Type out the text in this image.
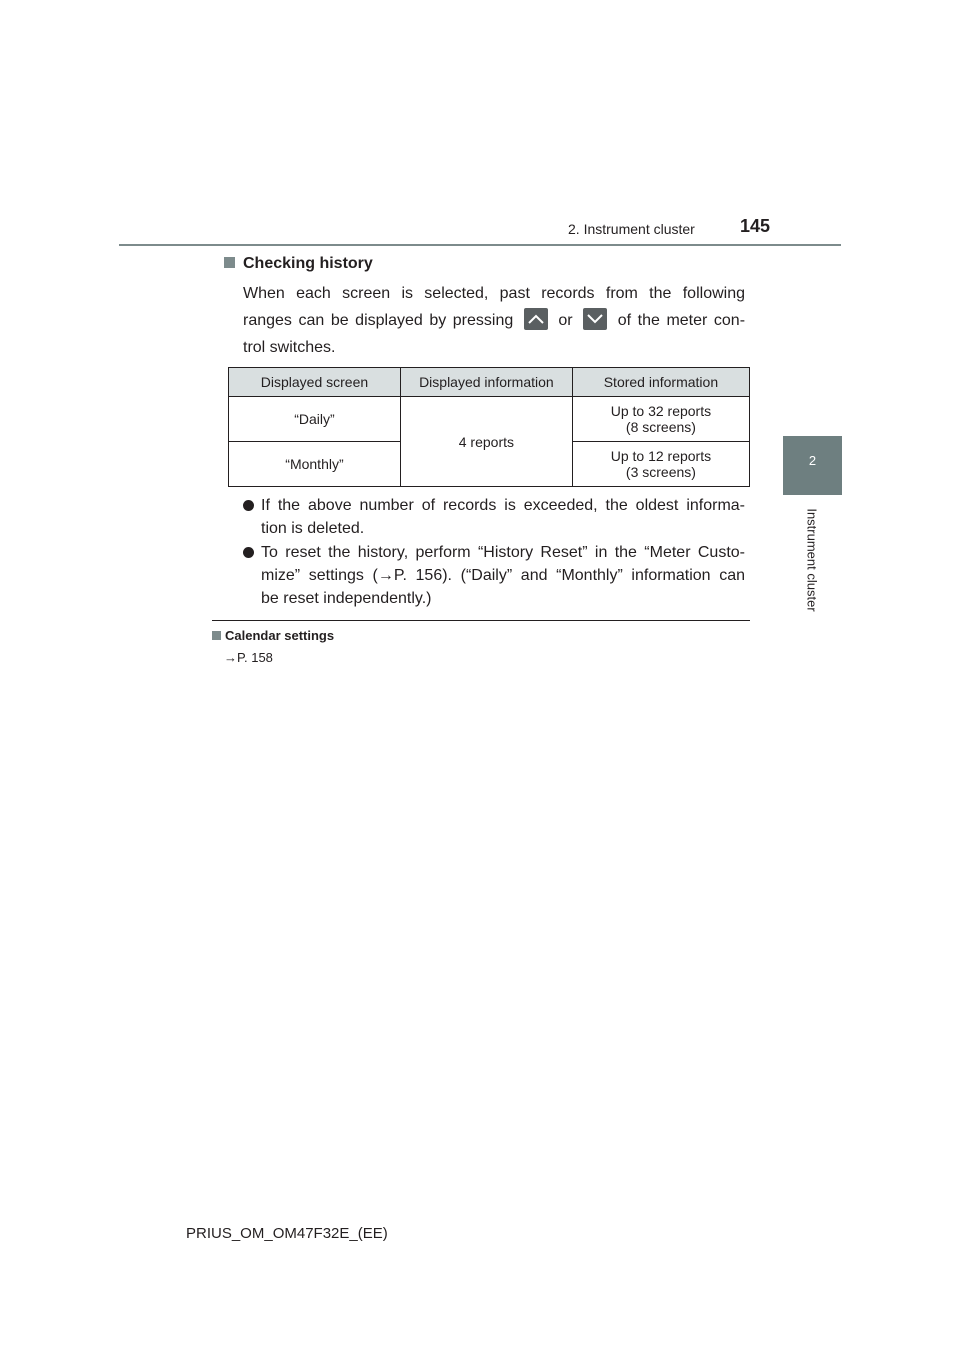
2. Instrument cluster	145
2
Instrument cluster
Checking history
When each screen is selected, past records from the following
ranges can be displayed by pressing	or	of the meter con-
trol switches.
Displayed screen	Displayed information	Stored information
“Daily”	4 reports	Up to 32 reports
(8 screens)
“Monthly”		Up to 12 reports
(3 screens)
If the above number of records is exceeded, the oldest informa-
tion is deleted.
To reset the history, perform “History Reset” in the “Meter Custo-
mize” settings (→P. 156). (“Daily” and “Monthly” information can
be reset independently.)
Calendar settings
→P. 158
PRIUS_OM_OM47F32E_(EE)
